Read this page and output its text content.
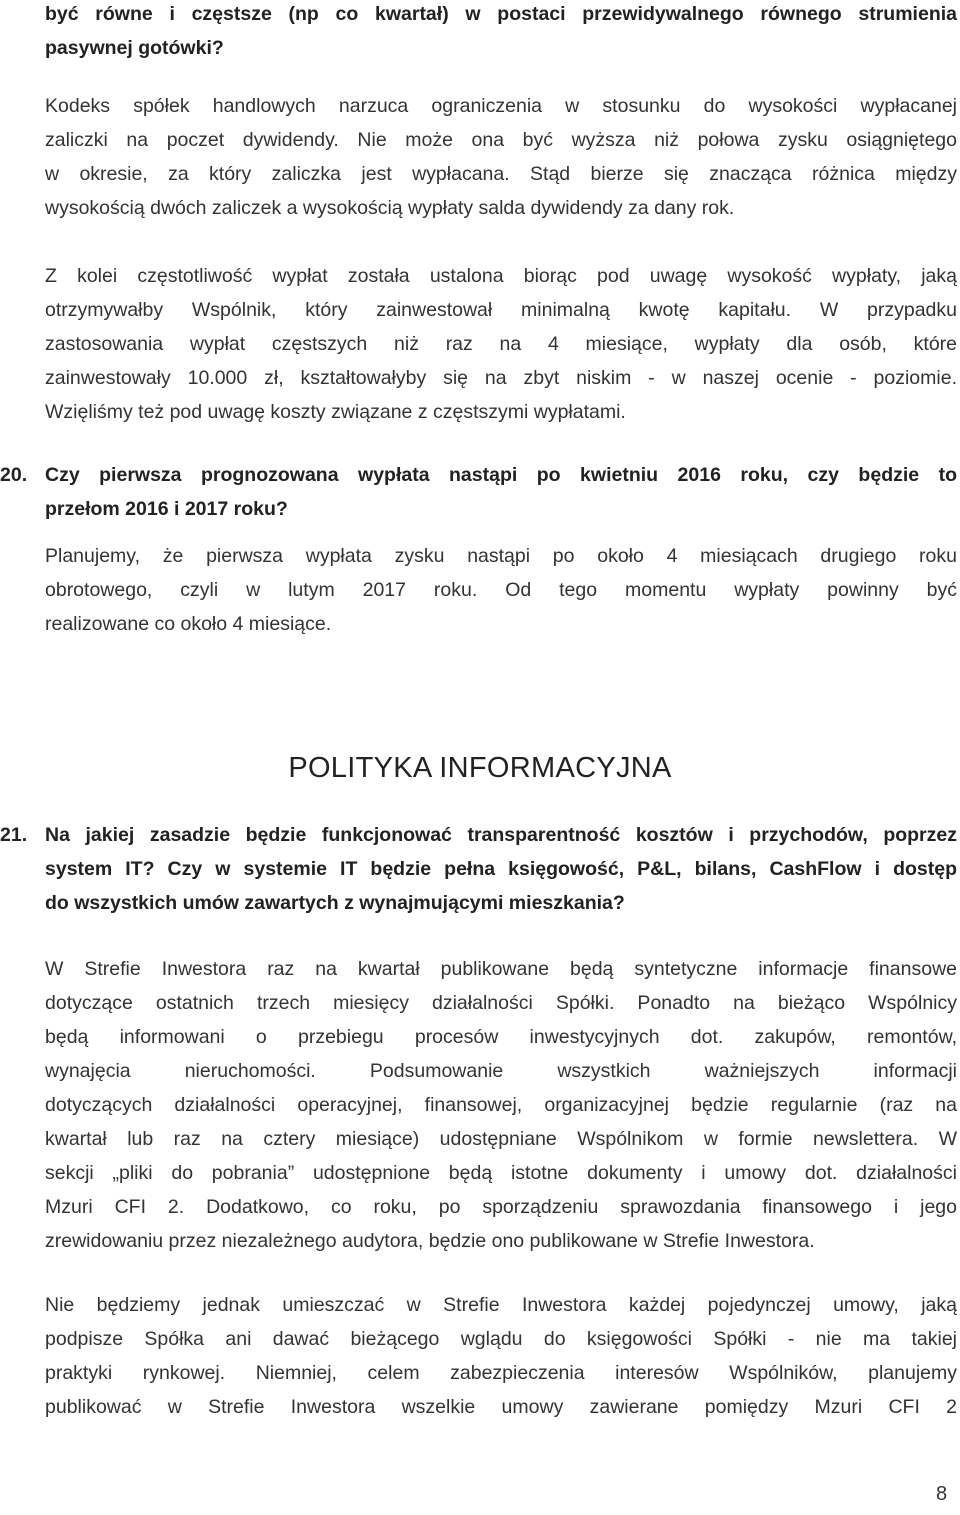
być równe i częstsze (np co kwartał) w postaci przewidywalnego równego strumienia
pasywnej gotówki?
Kodeks spółek handlowych narzuca ograniczenia w stosunku do wysokości wypłacanej
zaliczki na poczet dywidendy. Nie może ona być wyższa niż połowa zysku osiągniętego
w okresie, za który zaliczka jest wypłacana. Stąd bierze się znacząca różnica między
wysokością dwóch zaliczek a wysokością wypłaty salda dywidendy za dany rok.
Z kolei częstotliwość wypłat została ustalona biorąc pod uwagę wysokość wypłaty, jaką
otrzymywałby Wspólnik, który zainwestował minimalną kwotę kapitału. W przypadku
zastosowania wypłat częstszych niż raz na 4 miesiące, wypłaty dla osób, które
zainwestowały 10.000 zł, kształtowałyby się na zbyt niskim - w naszej ocenie - poziomie.
Wzięliśmy też pod uwagę koszty związane z częstszymi wypłatami.
20. Czy pierwsza prognozowana wypłata nastąpi po kwietniu 2016 roku, czy będzie to
przełom 2016 i 2017 roku?
Planujemy, że pierwsza wypłata zysku nastąpi po około 4 miesiącach drugiego roku
obrotowego, czyli w lutym 2017 roku. Od tego momentu wypłaty powinny być
realizowane co około 4 miesiące.
POLITYKA INFORMACYJNA
21. Na jakiej zasadzie będzie funkcjonować transparentność kosztów i przychodów, poprzez
system IT? Czy w systemie IT będzie pełna księgowość, P&L, bilans, CashFlow i dostęp
do wszystkich umów zawartych z wynajmującymi mieszkania?
W Strefie Inwestora raz na kwartał publikowane będą syntetyczne informacje finansowe
dotyczące ostatnich trzech miesięcy działalności Spółki. Ponadto na bieżąco Wspólnicy
będą informowani o przebiegu procesów inwestycyjnych dot. zakupów, remontów,
wynajęcia nieruchomości. Podsumowanie wszystkich ważniejszych informacji
dotyczących działalności operacyjnej, finansowej, organizacyjnej będzie regularnie (raz na
kwartał lub raz na cztery miesiące) udostępniane Wspólnikom w formie newslettera. W
sekcji „pliki do pobrania” udostępnione będą istotne dokumenty i umowy dot. działalności
Mzuri CFI 2. Dodatkowo, co roku, po sporządzeniu sprawozdania finansowego i jego
zrewidowaniu przez niezależnego audytora, będzie ono publikowane w Strefie Inwestora.
Nie będziemy jednak umieszczać w Strefie Inwestora każdej pojedynczej umowy, jaką
podpisze Spółka ani dawać bieżącego wglądu do księgowości Spółki - nie ma takiej
praktyki rynkowej. Niemniej, celem zabezpieczenia interesów Wspólników, planujemy
publikować w Strefie Inwestora wszelkie umowy zawierane pomiędzy Mzuri CFI 2
8
